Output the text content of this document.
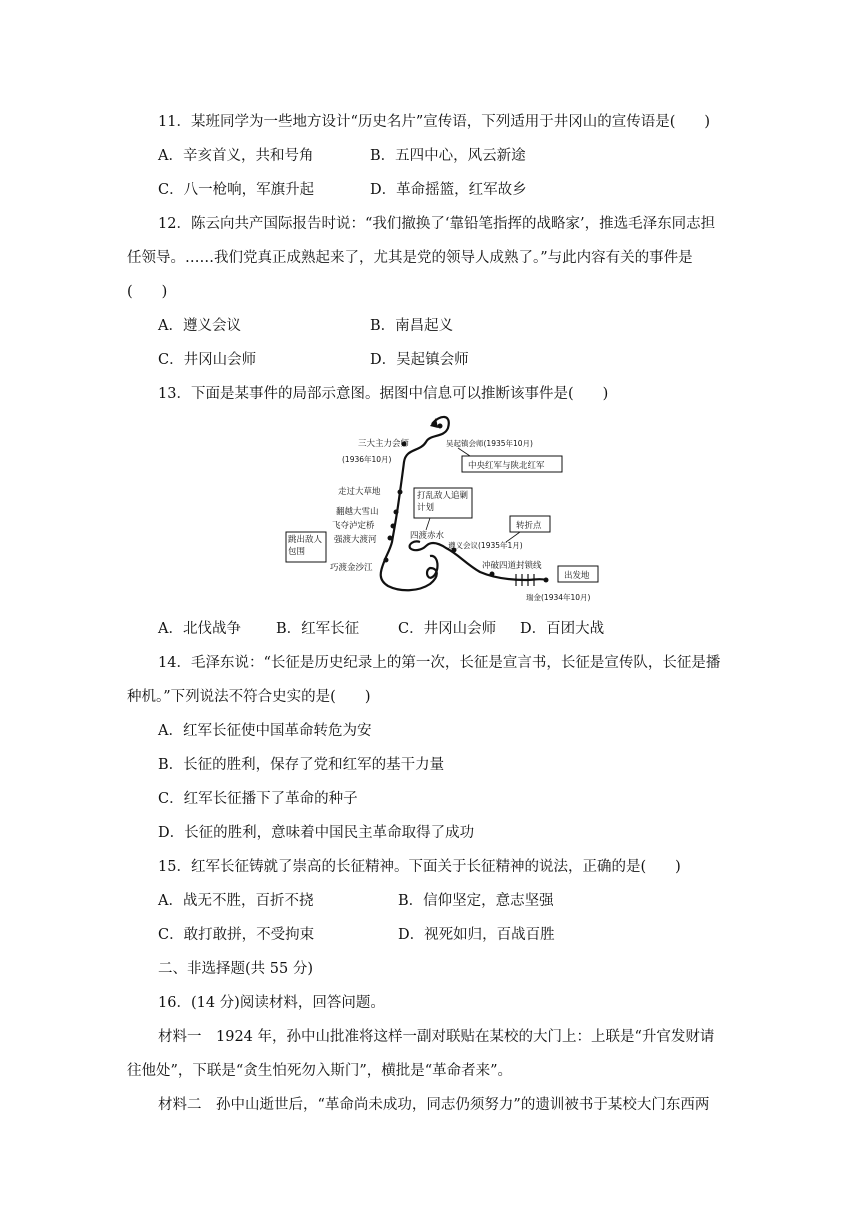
11．某班同学为一些地方设计“历史名片”宣传语，下列适用于井冈山的宣传语是(　　)
A．辛亥首义，共和号角	B．五四中心，风云新途
C．八一枪响，军旗升起	D．革命摇篮，红军故乡
12．陈云向共产国际报告时说：“我们撤换了‘靠铅笔指挥的战略家’，推选毛泽东同志担
任领导。……我们党真正成熟起来了，尤其是党的领导人成熟了。”与此内容有关的事件是
(　　)
A．遵义会议	B．南昌起义
C．井冈山会师	D．吴起镇会师
13．下面是某事件的局部示意图。据图中信息可以推断该事件是(　　)
三大主力会师
(1936年10月)
吴起镇会师(1935年10月)
中央红军与陕北红军
走过大草地
翻越大雪山
飞夺泸定桥
强渡大渡河
跳出敌人包围
巧渡金沙江
打乱敌人追剿计划
四渡赤水
转折点
遵义会议(1935年1月)
冲破四道封锁线
出发地
瑞金(1934年10月)
A．北伐战争 B．红军长征	C．井冈山会师 D．百团大战
14．毛泽东说：“长征是历史纪录上的第一次，长征是宣言书，长征是宣传队，长征是播
种机。”下列说法不符合史实的是(　　)
A．红军长征使中国革命转危为安
B．长征的胜利，保存了党和红军的基干力量
C．红军长征播下了革命的种子
D．长征的胜利，意味着中国民主革命取得了成功
15．红军长征铸就了崇高的长征精神。下面关于长征精神的说法，正确的是(　　)
A．战无不胜，百折不挠	B．信仰坚定，意志坚强
C．敢打敢拼，不受拘束	D．视死如归，百战百胜
二、非选择题(共 55 分)
16．(14 分)阅读材料，回答问题。
材料一　1924 年，孙中山批准将这样一副对联贴在某校的大门上：上联是“升官发财请
往他处”，下联是“贪生怕死勿入斯门”，横批是“革命者来”。
材料二　孙中山逝世后，“革命尚未成功，同志仍须努力”的遗训被书于某校大门东西两
